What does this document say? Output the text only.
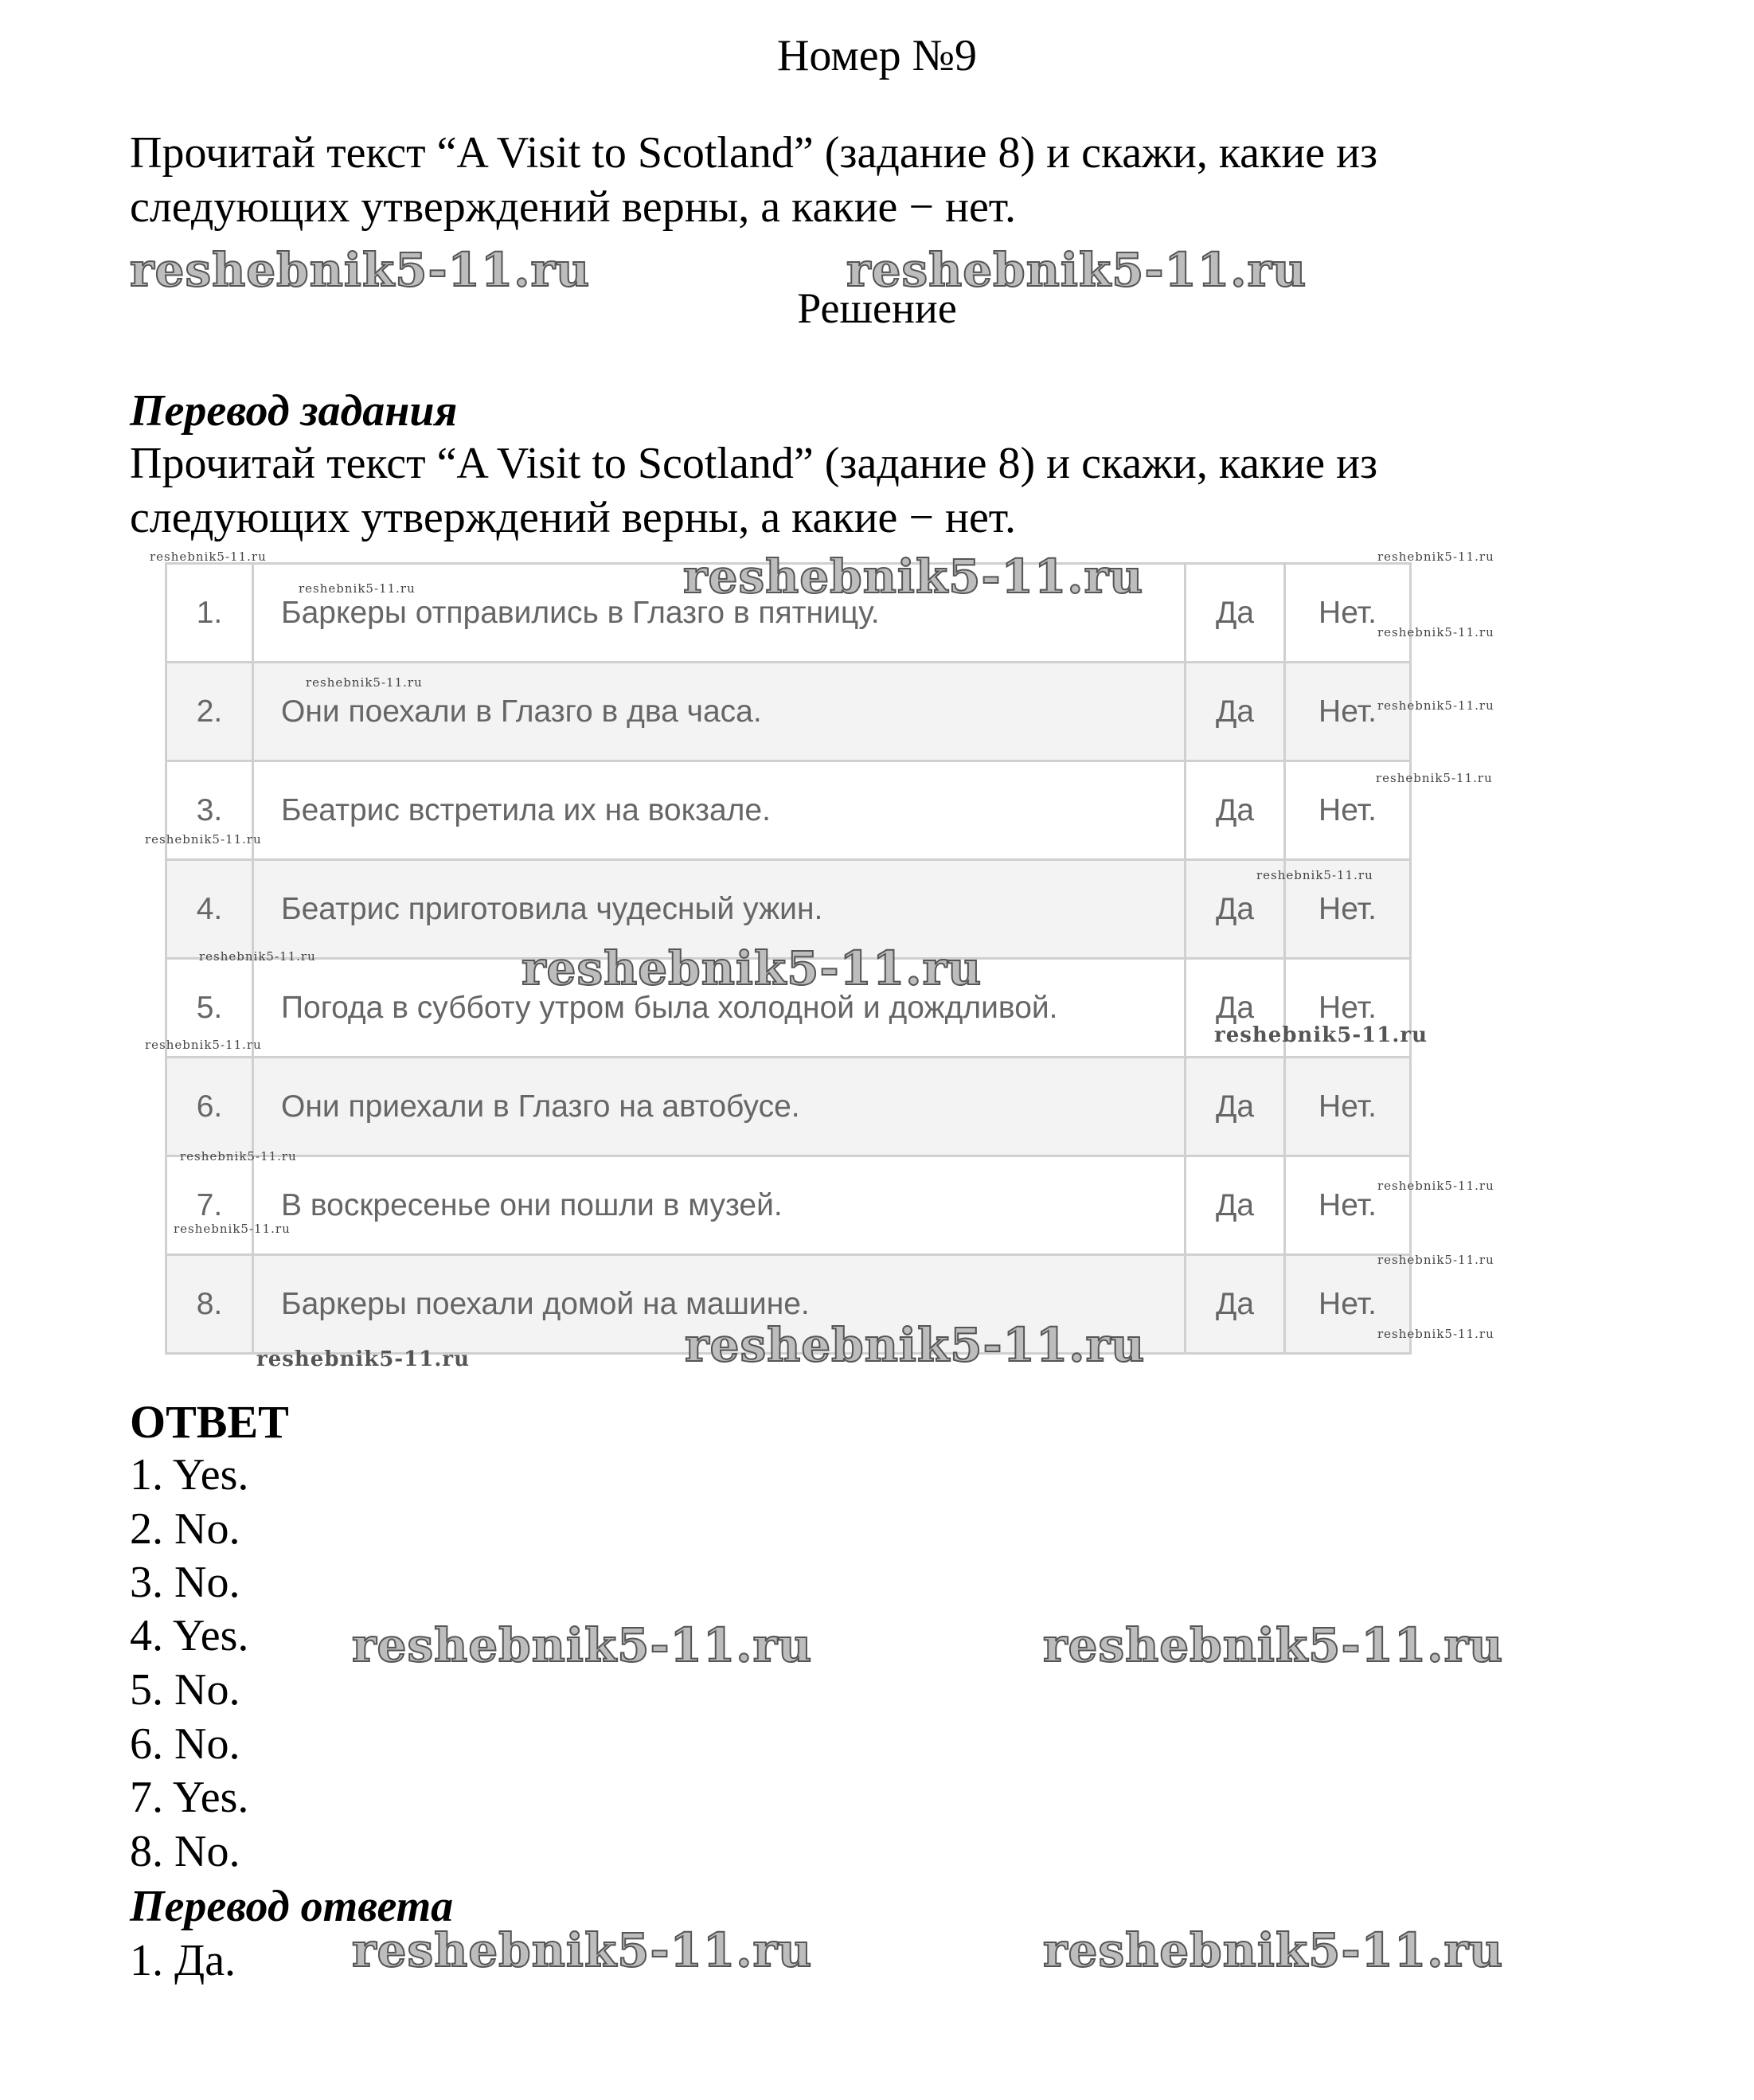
Номер №9
Прочитай текст “A Visit to Scotland” (задание 8) и скажи, какие из
следующих утверждений верны, а какие − нет.
reshebnik5-11.ru	reshebnik5-11.ru
Решение
Перевод задания
Прочитай текст “A Visit to Scotland” (задание 8) и скажи, какие из
следующих утверждений верны, а какие − нет.
1.	Баркеры отправились в Глазго в пятницу.	Да	Нет.
2.	Они поехали в Глазго в два часа.	Да	Нет.
3.	Беатрис встретила их на вокзале.	Да	Нет.
4.	Беатрис приготовила чудесный ужин.	Да	Нет.
5.	Погода в субботу утром была холодной и дождливой.	Да	Нет.
6.	Они приехали в Глазго на автобусе.	Да	Нет.
7.	В воскресенье они пошли в музей.	Да	Нет.
8.	Баркеры поехали домой на машине.	Да	Нет.
reshebnik5-11.ru
reshebnik5-11.ru
reshebnik5-11.ru
reshebnik5-11.ru
reshebnik5-11.ru
reshebnik5-11.ru	reshebnik5-11.ru
reshebnik5-11.ru
reshebnik5-11.ru
reshebnik5-11.ru
reshebnik5-11.ru
reshebnik5-11.ru
reshebnik5-11.ru
reshebnik5-11.ru
reshebnik5-11.ru
reshebnik5-11.ru
reshebnik5-11.ru
reshebnik5-11.ru
reshebnik5-11.ru
reshebnik5-11.ru
reshebnik5-11.ru
ОТВЕТ
1. Yes.
2. No.
3. No.
4. Yes.
5. No.
6. No.
7. Yes.
8. No.
reshebnik5-11.ru	reshebnik5-11.ru
Перевод ответа
1. Да.	reshebnik5-11.ru	reshebnik5-11.ru
